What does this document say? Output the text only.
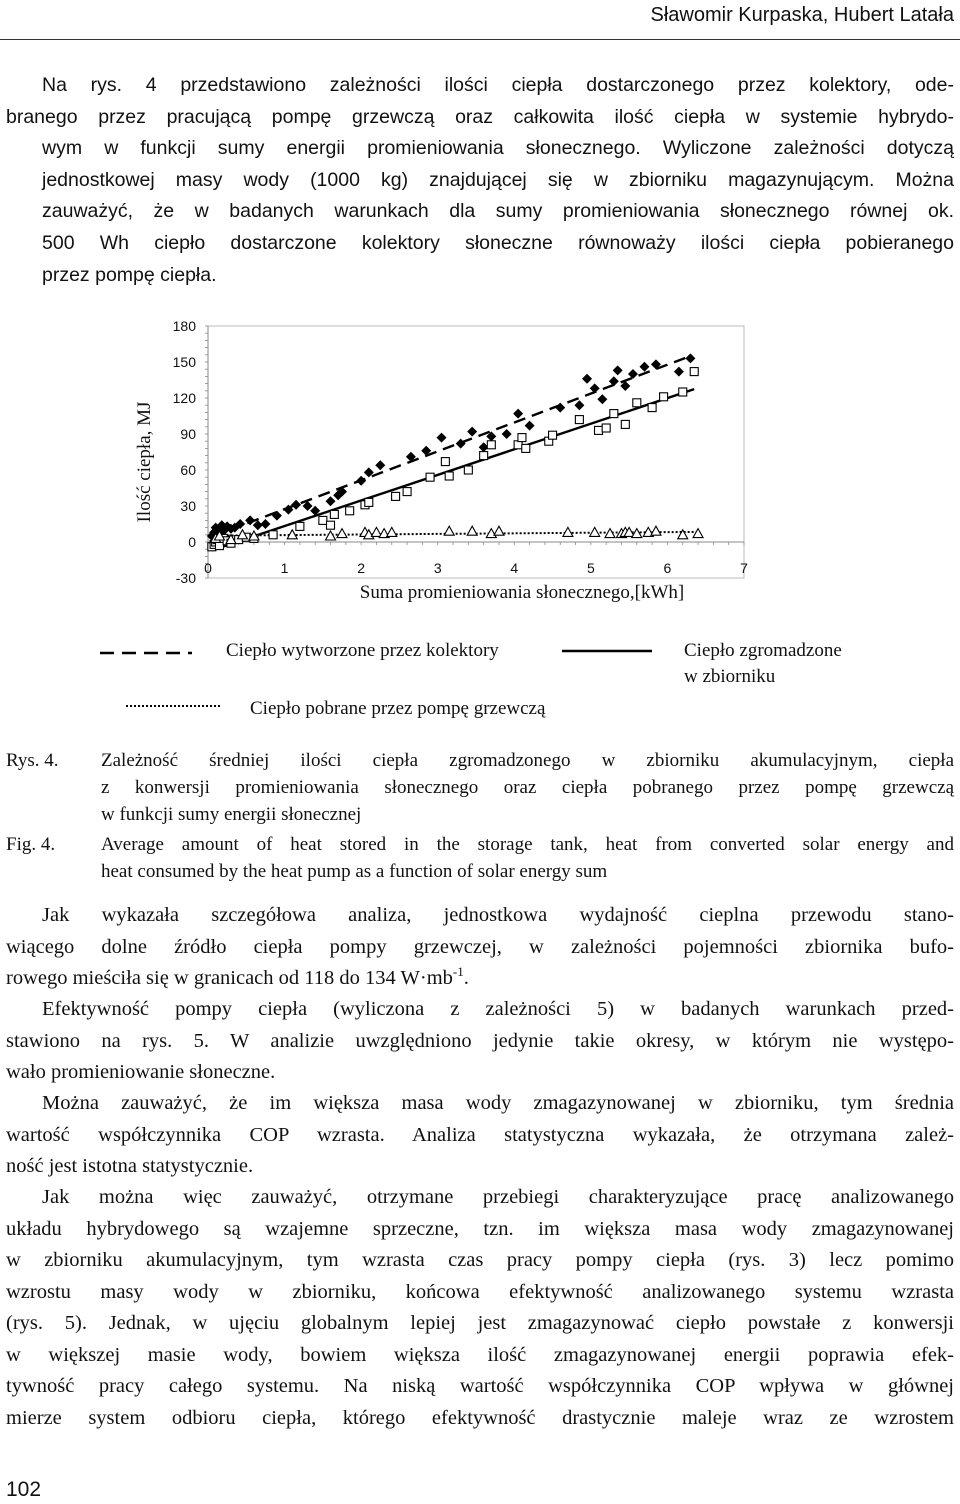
Sławomir Kurpaska, Hubert Latała
Na rys. 4 przedstawiono zależności ilości ciepła dostarczonego przez kolektory, ode-
branego przez pracującą pompę grzewczą oraz całkowita ilość ciepła w systemie hybrydo-
wym w funkcji sumy energii promieniowania słonecznego. Wyliczone zależności dotyczą
jednostkowej masy wody (1000 kg) znajdującej się w zbiorniku magazynującym. Można
zauważyć, że w badanych warunkach dla sumy promieniowania słonecznego równej ok.
500 Wh ciepło dostarczone kolektory słoneczne równoważy ilości ciepła pobieranego
przez pompę ciepła.
-30
0
30
60
90
120
150
180
0	1	2	3	4	5	6	7
Ilość ciepła, MJ
Suma promieniowania słonecznego,[kWh]
Ciepło wytworzone przez kolektory	Ciepło zgromadzone
w zbiorniku
Ciepło pobrane przez pompę grzewczą
Rys. 4. Zależność średniej ilości ciepła zgromadzonego w zbiorniku akumulacyjnym, ciepła
z konwersji promieniowania słonecznego oraz ciepła pobranego przez pompę grzewczą
w funkcji sumy energii słonecznej
Fig. 4. Average amount of heat stored in the storage tank, heat from converted solar energy and
heat consumed by the heat pump as a function of solar energy sum
Jak wykazała szczegółowa analiza, jednostkowa wydajność cieplna przewodu stano-
wiącego dolne źródło ciepła pompy grzewczej, w zależności pojemności zbiornika bufo-
rowego mieściła się w granicach od 118 do 134 $W\cdot mb^{-1}$.
Efektywność pompy ciepła (wyliczona z zależności 5) w badanych warunkach przed-
stawiono na rys. 5. W analizie uwzględniono jedynie takie okresy, w którym nie występo-
wało promieniowanie słoneczne.
Można zauważyć, że im większa masa wody zmagazynowanej w zbiorniku, tym średnia
wartość współczynnika COP wzrasta. Analiza statystyczna wykazała, że otrzymana zależ-
ność jest istotna statystycznie.
Jak można więc zauważyć, otrzymane przebiegi charakteryzujące pracę analizowanego
układu hybrydowego są wzajemne sprzeczne, tzn. im większa masa wody zmagazynowanej
w zbiorniku akumulacyjnym, tym wzrasta czas pracy pompy ciepła (rys. 3) lecz pomimo
wzrostu masy wody w zbiorniku, końcowa efektywność analizowanego systemu wzrasta
(rys. 5). Jednak, w ujęciu globalnym lepiej jest zmagazynować ciepło powstałe z konwersji
w większej masie wody, bowiem większa ilość zmagazynowanej energii poprawia efek-
tywność pracy całego systemu. Na niską wartość współczynnika COP wpływa w głównej
mierze system odbioru ciepła, którego efektywność drastycznie maleje wraz ze wzrostem
102
